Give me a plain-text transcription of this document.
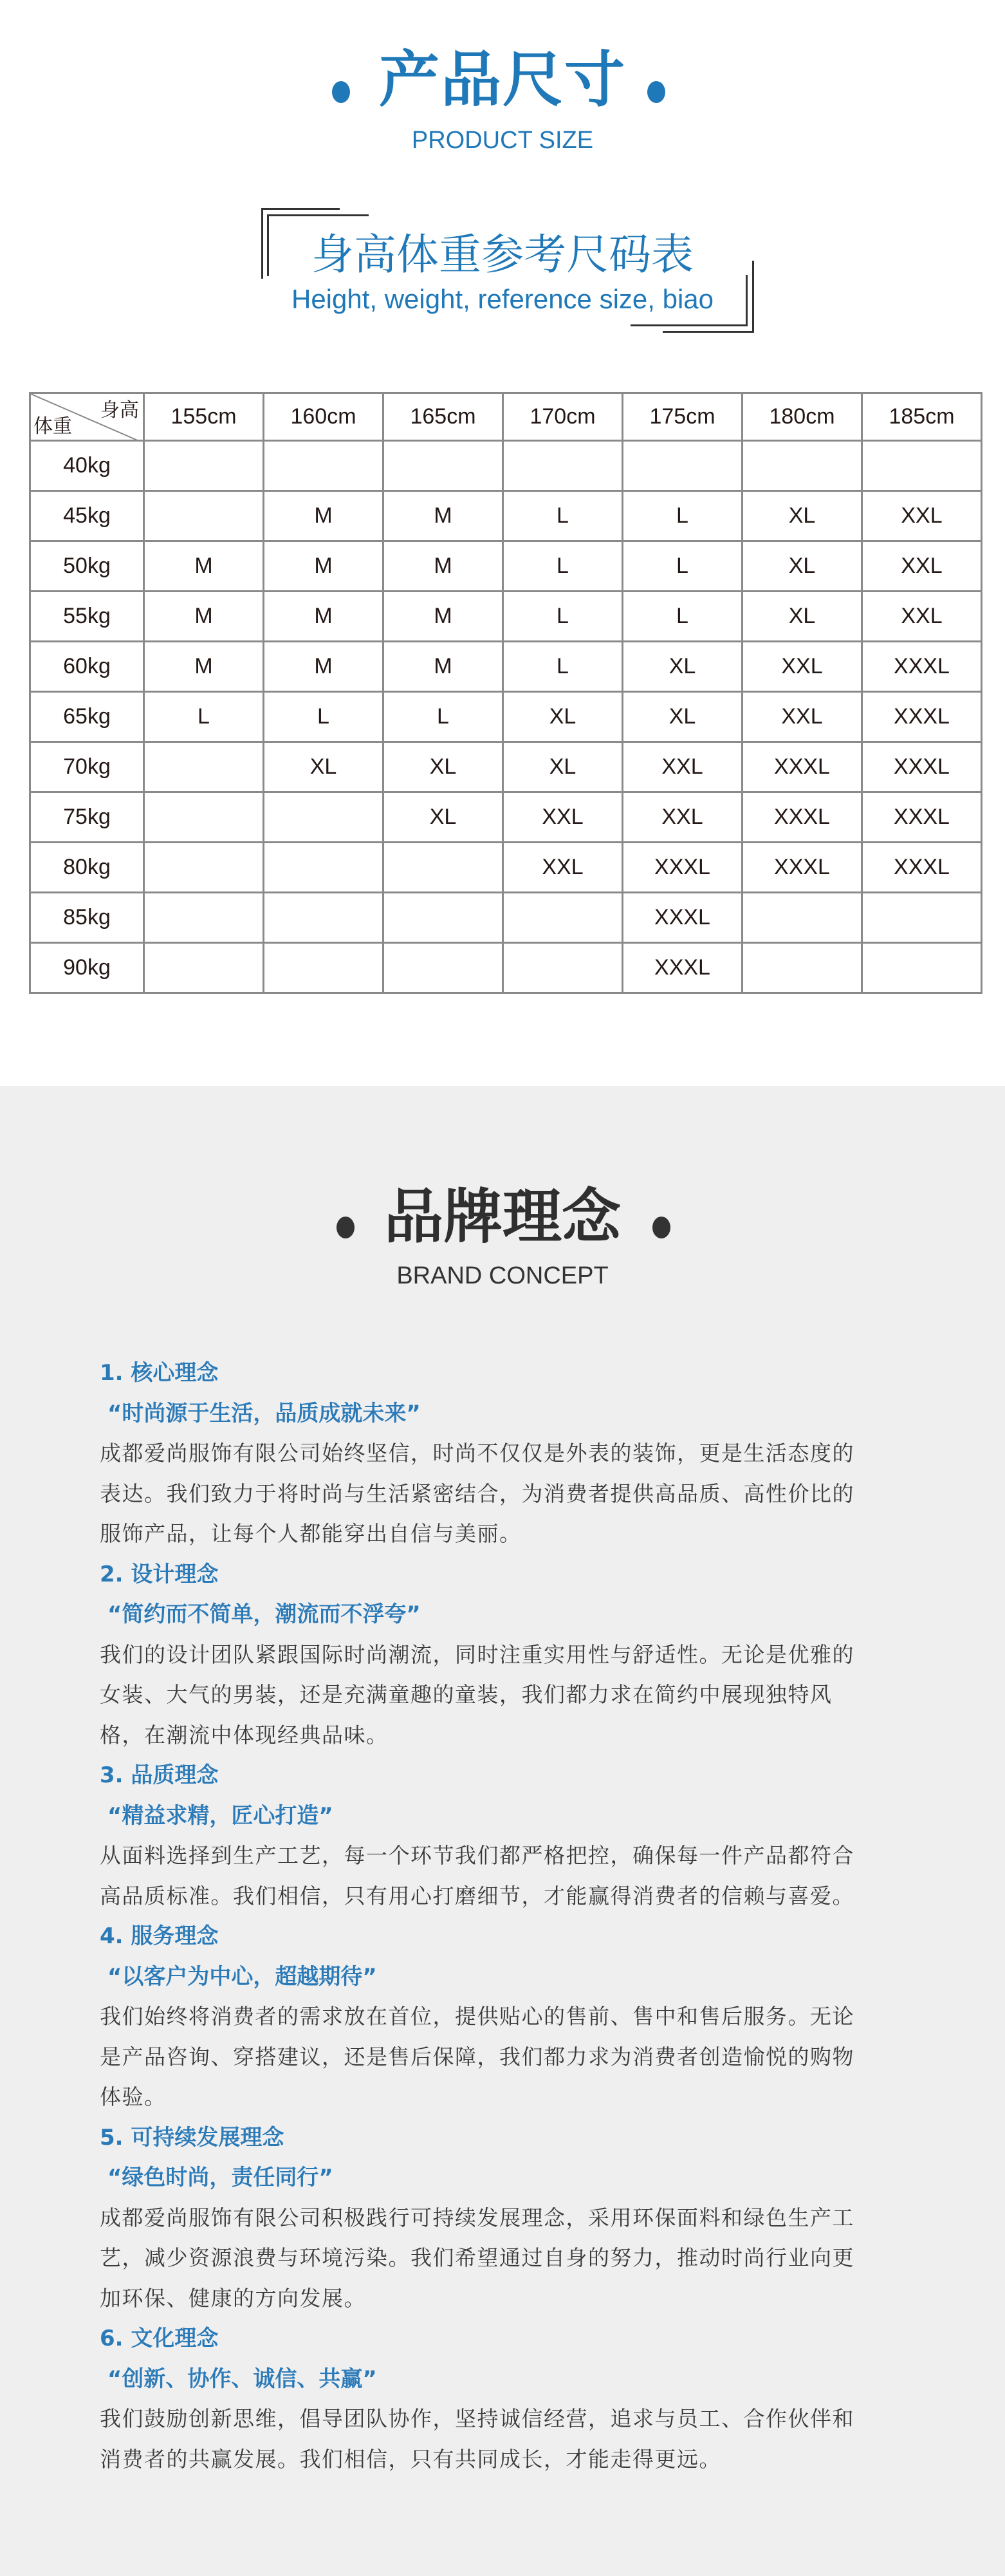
产品尺寸
PRODUCT SIZE
身高体重参考尺码表
Height, weight, reference size, biao
身高
体重	155cm	160cm	165cm	170cm	175cm	180cm	185cm
40kg							
45kg		M	M	L	L	XL	XXL
50kg	M	M	M	L	L	XL	XXL
55kg	M	M	M	L	L	XL	XXL
60kg	M	M	M	L	XL	XXL	XXXL
65kg	L	L	L	XL	XL	XXL	XXXL
70kg		XL	XL	XL	XXL	XXXL	XXXL
75kg			XL	XXL	XXL	XXXL	XXXL
80kg				XXL	XXXL	XXXL	XXXL
85kg					XXXL		
90kg					XXXL		
品牌理念
BRAND CONCEPT
1. 核心理念
“时尚源于生活，品质成就未来”
成都爱尚服饰有限公司始终坚信，时尚不仅仅是外表的装饰，更是生活态度的
表达。我们致力于将时尚与生活紧密结合，为消费者提供高品质、高性价比的
服饰产品，让每个人都能穿出自信与美丽。
2. 设计理念
“简约而不简单，潮流而不浮夸”
我们的设计团队紧跟国际时尚潮流，同时注重实用性与舒适性。无论是优雅的
女装、大气的男装，还是充满童趣的童装，我们都力求在简约中展现独特风
格，在潮流中体现经典品味。
3. 品质理念
“精益求精，匠心打造”
从面料选择到生产工艺，每一个环节我们都严格把控，确保每一件产品都符合
高品质标准。我们相信，只有用心打磨细节，才能赢得消费者的信赖与喜爱。
4. 服务理念
“以客户为中心，超越期待”
我们始终将消费者的需求放在首位，提供贴心的售前、售中和售后服务。无论
是产品咨询、穿搭建议，还是售后保障，我们都力求为消费者创造愉悦的购物
体验。
5. 可持续发展理念
“绿色时尚，责任同行”
成都爱尚服饰有限公司积极践行可持续发展理念，采用环保面料和绿色生产工
艺，减少资源浪费与环境污染。我们希望通过自身的努力，推动时尚行业向更
加环保、健康的方向发展。
6. 文化理念
“创新、协作、诚信、共赢”
我们鼓励创新思维，倡导团队协作，坚持诚信经营，追求与员工、合作伙伴和
消费者的共赢发展。我们相信，只有共同成长，才能走得更远。
